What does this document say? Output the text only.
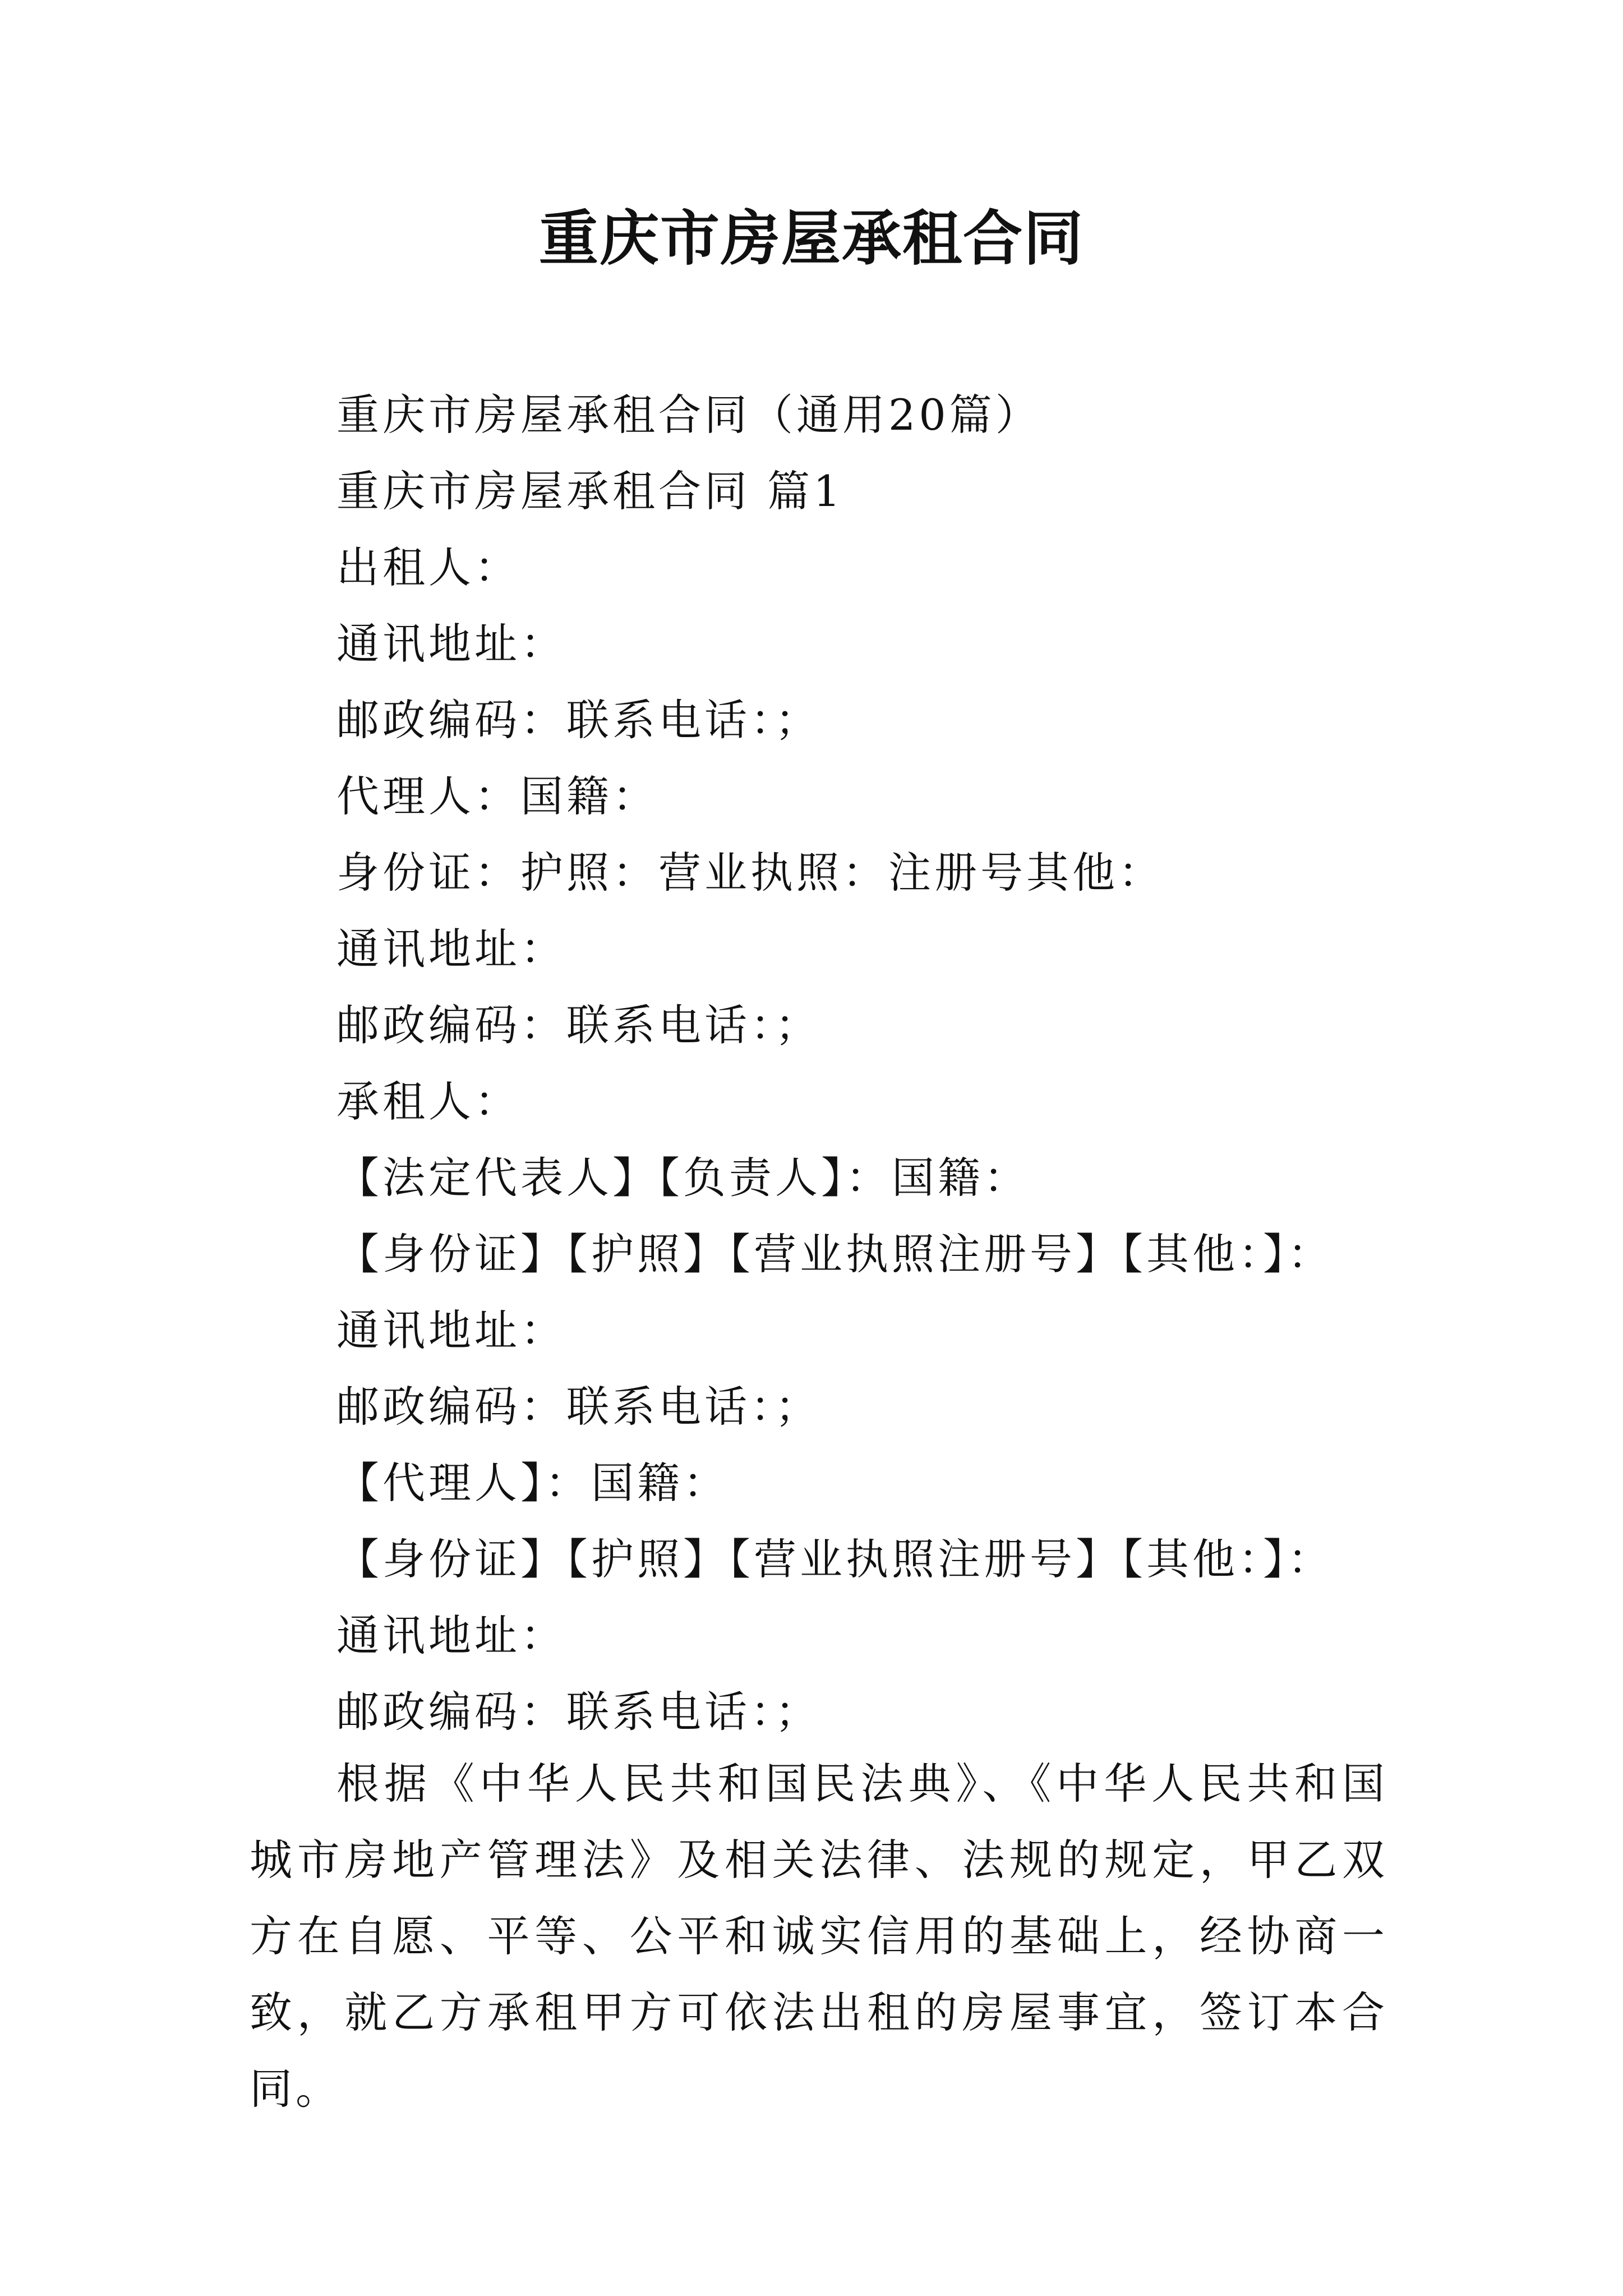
重庆市房屋承租合同
重庆市房屋承租合同（通用20篇）
重庆市房屋承租合同 篇1
出租人：
通讯地址：
邮政编码：联系电话：；
代理人：国籍：
身份证：护照：营业执照：注册号其他：
通讯地址：
邮政编码：联系电话：；
承租人：
【法定代表人】【负责人】：国籍：
【身份证】【护照】【营业执照注册号】【其他：】：
通讯地址：
邮政编码：联系电话：；
【代理人】：国籍：
【身份证】【护照】【营业执照注册号】【其他：】：
通讯地址：
邮政编码：联系电话：；
根据《中华人民共和国民法典》、《中华人民共和国城市房地产管理法》及相关法律、法规的规定，甲乙双方在自愿、平等、公平和诚实信用的基础上，经协商一致，就乙方承租甲方可依法出租的房屋事宜，签订本合同。
